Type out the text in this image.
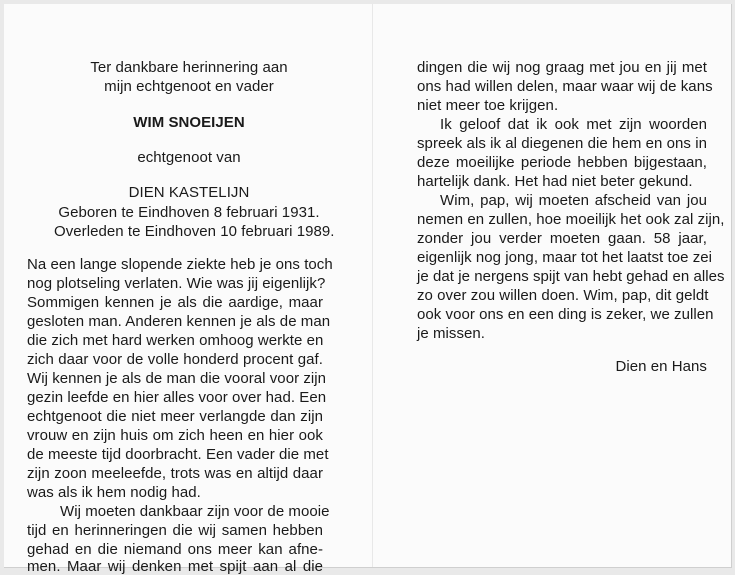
Ter dankbare herinnering aan
mijn echtgenoot en vader
WIM SNOEIJEN
echtgenoot van
DIEN KASTELIJN
Geboren te Eindhoven 8 februari 1931.
Overleden te Eindhoven 10 februari 1989.
Na een lange slopende ziekte heb je ons toch
nog plotseling verlaten. Wie was jij eigenlijk?
Sommigen kennen je als die aardige, maar
gesloten man. Anderen kennen je als de man
die zich met hard werken omhoog werkte en
zich daar voor de volle honderd procent gaf.
Wij kennen je als de man die vooral voor zijn
gezin leefde en hier alles voor over had. Een
echtgenoot die niet meer verlangde dan zijn
vrouw en zijn huis om zich heen en hier ook
de meeste tijd doorbracht. Een vader die met
zijn zoon meeleefde, trots was en altijd daar
was als ik hem nodig had.
Wij moeten dankbaar zijn voor de mooie
tijd en herinneringen die wij samen hebben
gehad en die niemand ons meer kan afne-
men. Maar wij denken met spijt aan al die
dingen die wij nog graag met jou en jij met
ons had willen delen, maar waar wij de kans
niet meer toe krijgen.
Ik geloof dat ik ook met zijn woorden
spreek als ik al diegenen die hem en ons in
deze moeilijke periode hebben bijgestaan,
hartelijk dank. Het had niet beter gekund.
Wim, pap, wij moeten afscheid van jou
nemen en zullen, hoe moeilijk het ook zal zijn,
zonder jou verder moeten gaan. 58 jaar,
eigenlijk nog jong, maar tot het laatst toe zei
je dat je nergens spijt van hebt gehad en alles
zo over zou willen doen. Wim, pap, dit geldt
ook voor ons en een ding is zeker, we zullen
je missen.
Dien en Hans
